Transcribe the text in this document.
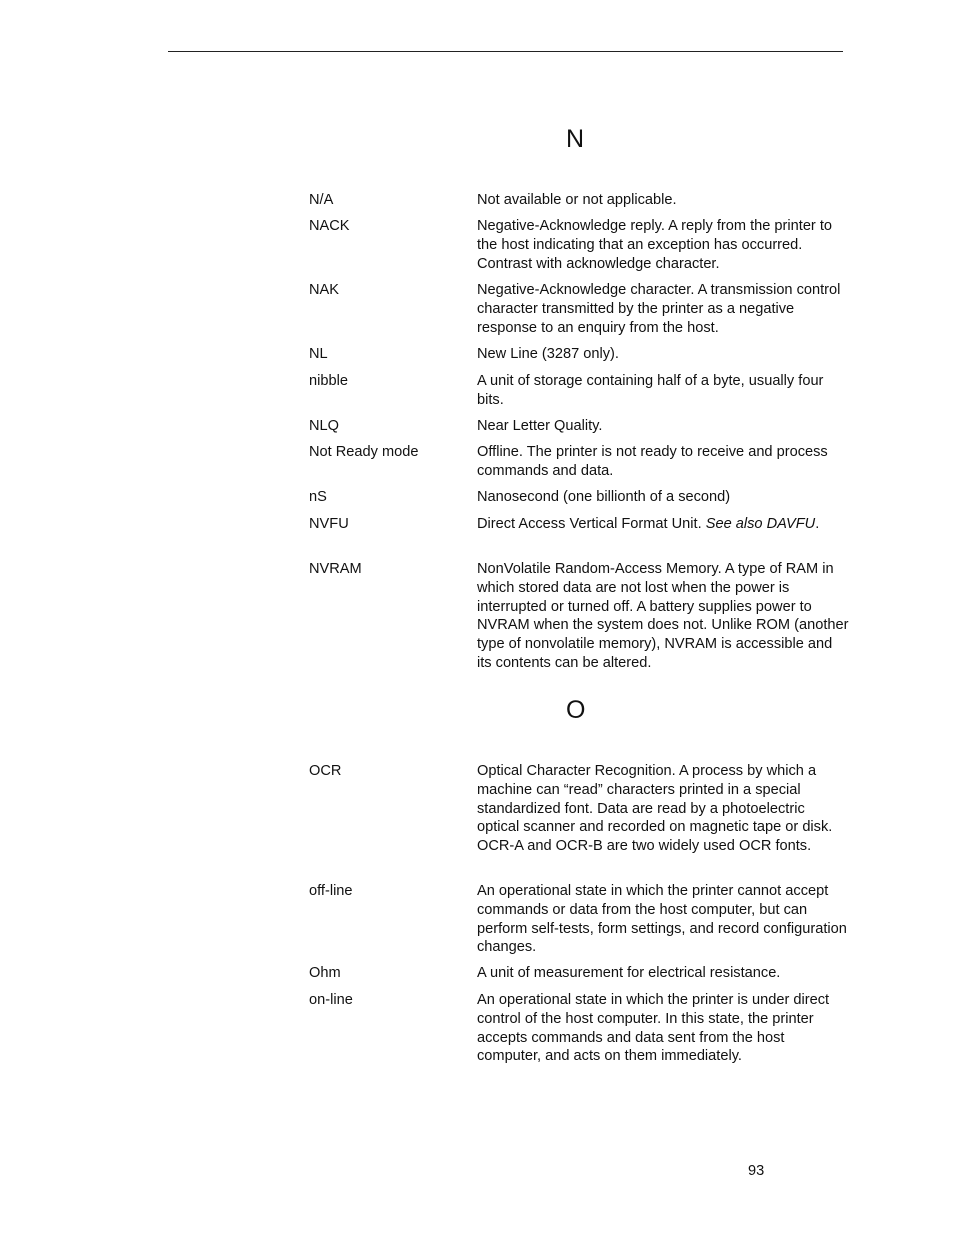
N
N/A	Not available or not applicable.
NACK	Negative-Acknowledge reply. A reply from the printer to the host indicating that an exception has occurred. Contrast with acknowledge character.
NAK	Negative-Acknowledge character. A transmission control character transmitted by the printer as a negative response to an enquiry from the host.
NL	New Line (3287 only).
nibble	A unit of storage containing half of a byte, usually four bits.
NLQ	Near Letter Quality.
Not Ready mode	Offline. The printer is not ready to receive and process commands and data.
nS	Nanosecond (one billionth of a second)
NVFU	Direct Access Vertical Format Unit. See also DAVFU.
NVRAM	NonVolatile Random-Access Memory. A type of RAM in which stored data are not lost when the power is interrupted or turned off. A battery supplies power to NVRAM when the system does not. Unlike ROM (another type of nonvolatile memory), NVRAM is accessible and its contents can be altered.
O
OCR	Optical Character Recognition. A process by which a machine can “read” characters printed in a special standardized font. Data are read by a photoelectric optical scanner and recorded on magnetic tape or disk. OCR-A and OCR-B are two widely used OCR fonts.
off-line	An operational state in which the printer cannot accept commands or data from the host computer, but can perform self-tests, form settings, and record configuration changes.
Ohm	A unit of measurement for electrical resistance.
on-line	An operational state in which the printer is under direct control of the host computer. In this state, the printer accepts commands and data sent from the host computer, and acts on them immediately.
93
